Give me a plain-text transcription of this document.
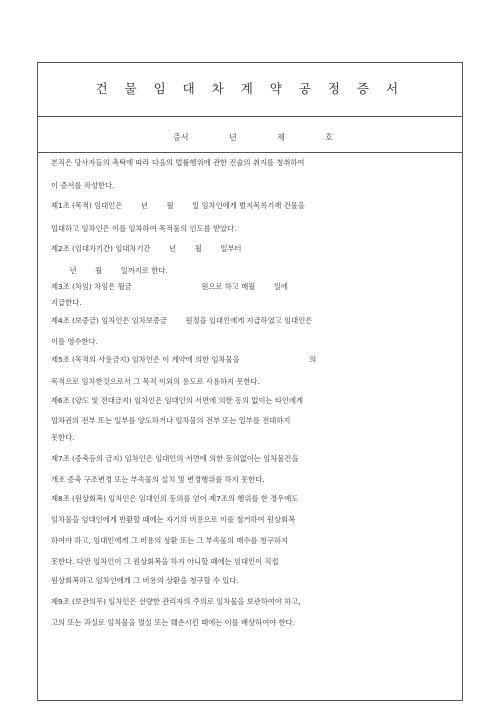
건 물 임 대 차 계 약 공 정 증 서
증서	년	제	호
본직은 당사자들의 촉탁에 따라 다음의 법률행위에 관한 진술의 취지를 청취하여
이 증서를 작성한다.
제1조 (목적) 임대인은        년        월        일 임차인에게 별지목록기재 건물을
임대하고 임차인은 이를 임차하여 목적물의 인도를 받았다.
제2조 (임대차기간) 임대차기간        년        월        일부터
년        월        일까지로 한다.
제3조 (차임) 차임은 월금                              원으로 하고 매월        일에
지급한다.
제4조 (보증금) 임차인은 임차보증금        원정을 임대인에게 지급하였고 임대인은
이를 영수한다.
제5조 (목적의 사용금지) 임차인은 이 계약에 의한 임차물을                              의
목적으로 임차한것으로서 그 목적 이외의 용도로 사용하지 못한다.
제6조 (양도 및 전대금지) 임차인은 임대인의 서면에 의한 동의 없이는 타인에게
임차권의 전부 또는 일부를 양도하거나 임차물의 전부 또는 일부를 전대하지
못한다.
제7조 (증축등의 금지) 임차인은 임대인의 서면에 의한 동의없이는 임차물건을
개조 증축 구조변경 또는 부속물의 설치 및 변경행위를 하지 못한다.
제8조 (원상회복) 임차인은 임대인의 동의를 얻어 제7조의 행위를 한 경우에도
임차물을 임대인에게 반환할 때에는 자기의 비용으로 이를 철거하여 원상회복
하여야 하고, 임대인에게 그 비용의 상환 또는 그 부속물의 매수를 청구하지
못한다. 다만 임차인이 그 원상회복을 하지 아니할 때에는 임대인이 직접
원상회복하고 임차인에게 그 비용의 상환을 청구할 수 있다.
제9조 (보관의무) 임차인은 선량한 관리자의 주의로 임차물을 보관하여야 하고,
고의 또는 과실로 임차물을 멸실 또는 훼손시킨 때에는 이를 배상하여야 한다.
